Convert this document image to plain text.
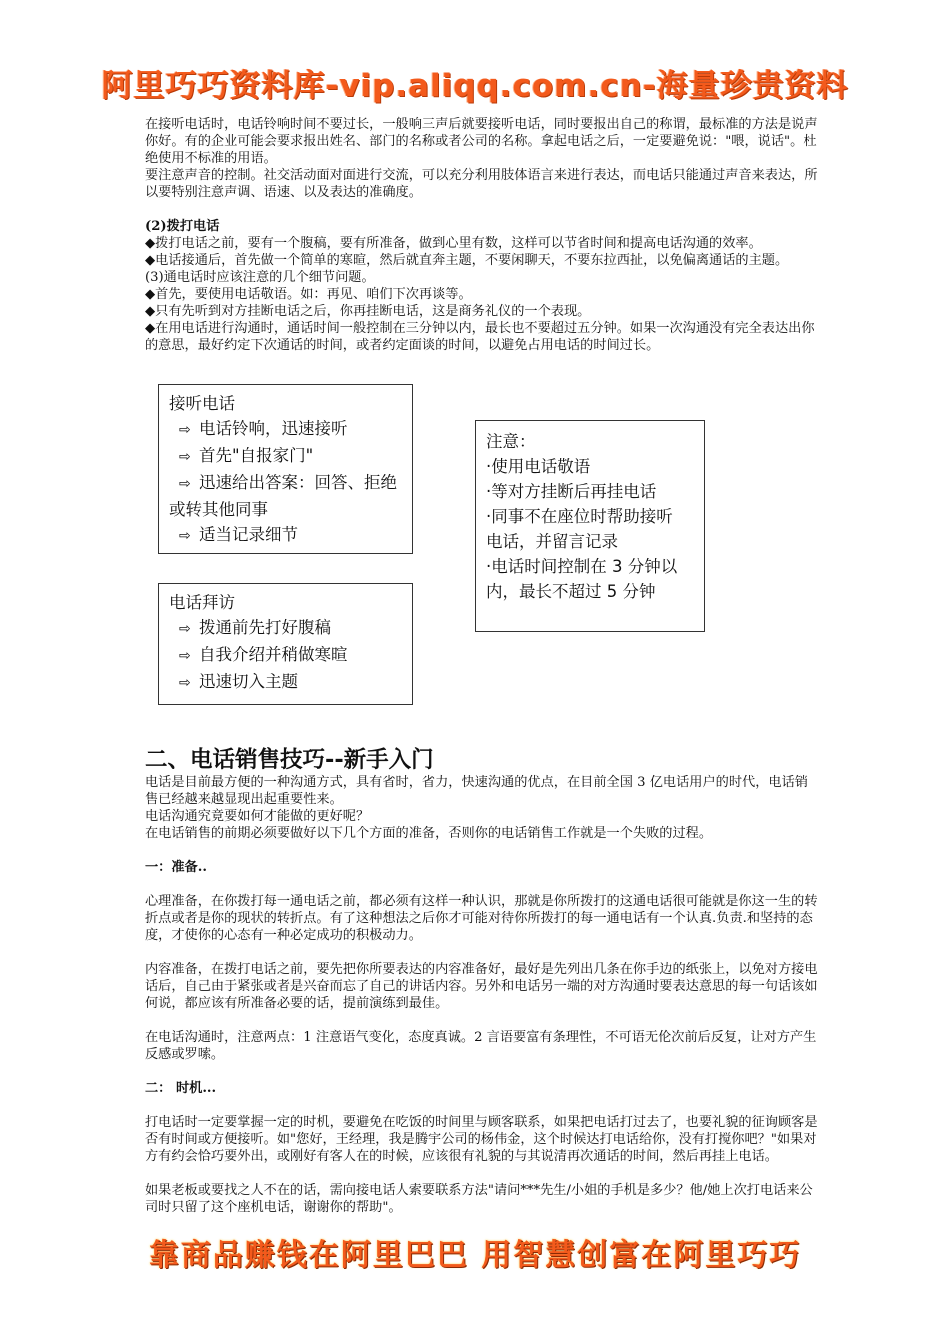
阿里巧巧资料库-vip.aliqq.com.cn-海量珍贵资料

在接听电话时，电话铃响时间不要过长，一般响三声后就要接听电话，同时要报出自己的称谓，最标准的方法是说声你好。有的企业可能会要求报出姓名、部门的名称或者公司的名称。拿起电话之后，一定要避免说："喂，说话"。杜绝使用不标准的用语。

要注意声音的控制。社交活动面对面进行交流，可以充分利用肢体语言来进行表达，而电话只能通过声音来表达，所以要特别注意声调、语速、以及表达的准确度。

(2)拨打电话

◆拨打电话之前，要有一个腹稿，要有所准备，做到心里有数，这样可以节省时间和提高电话沟通的效率。

◆电话接通后，首先做一个简单的寒暄，然后就直奔主题，不要闲聊天，不要东拉西扯，以免偏离通话的主题。

(3)通电话时应该注意的几个细节问题。

◆首先，要使用电话敬语。如：再见、咱们下次再谈等。

◆只有先听到对方挂断电话之后，你再挂断电话，这是商务礼仪的一个表现。

◆在用电话进行沟通时，通话时间一般控制在三分钟以内，最长也不要超过五分钟。如果一次沟通没有完全表达出你的意思，最好约定下次通话的时间，或者约定面谈的时间，以避免占用电话的时间过长。

接听电话

⇨ 电话铃响，迅速接听

⇨ 首先"自报家门"

⇨ 迅速给出答案：回答、拒绝

或转其他同事

⇨ 适当记录细节

电话拜访

⇨ 拨通前先打好腹稿

⇨ 自我介绍并稍做寒暄

⇨ 迅速切入主题

注意：

·使用电话敬语

·等对方挂断后再挂电话

·同事不在座位时帮助接听

电话，并留言记录

·电话时间控制在 3 分钟以

内，最长不超过 5 分钟

二、电话销售技巧--新手入门

电话是目前最方便的一种沟通方式，具有省时，省力，快速沟通的优点，在目前全国 3 亿电话用户的时代，电话销售已经越来越显现出起重要性来。

电话沟通究竟要如何才能做的更好呢？

在电话销售的前期必须要做好以下几个方面的准备，否则你的电话销售工作就是一个失败的过程。

一：准备..

心理准备，在你拨打每一通电话之前，都必须有这样一种认识，那就是你所拨打的这通电话很可能就是你这一生的转折点或者是你的现状的转折点。有了这种想法之后你才可能对待你所拨打的每一通电话有一个认真.负责.和坚持的态度，才使你的心态有一种必定成功的积极动力。

内容准备，在拨打电话之前，要先把你所要表达的内容准备好，最好是先列出几条在你手边的纸张上，以免对方接电话后，自己由于紧张或者是兴奋而忘了自己的讲话内容。另外和电话另一端的对方沟通时要表达意思的每一句话该如何说，都应该有所准备必要的话，提前演练到最佳。

在电话沟通时，注意两点：1 注意语气变化，态度真诚。2 言语要富有条理性，不可语无伦次前后反复，让对方产生反感或罗嗦。

二： 时机...

打电话时一定要掌握一定的时机，要避免在吃饭的时间里与顾客联系，如果把电话打过去了，也要礼貌的征询顾客是否有时间或方便接听。如"您好，王经理，我是腾宇公司的杨伟金，这个时候达打电话给你，没有打搅你吧？"如果对方有约会恰巧要外出，或刚好有客人在的时候，应该很有礼貌的与其说清再次通话的时间，然后再挂上电话。

如果老板或要找之人不在的话，需向接电话人索要联系方法"请问***先生/小姐的手机是多少？他/她上次打电话来公司时只留了这个座机电话，谢谢你的帮助"。

靠商品赚钱在阿里巴巴 用智慧创富在阿里巧巧
